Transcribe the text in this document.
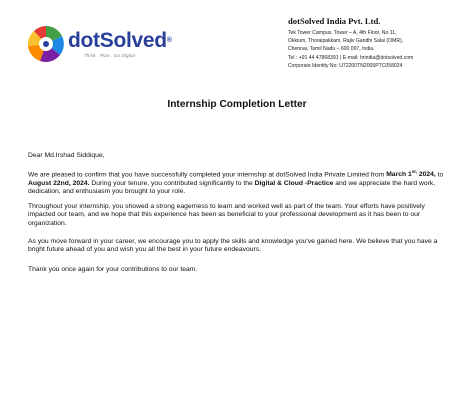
dotSolved®
Think . Plan . Go Digital
dotSolved India Pvt. Ltd.
Tek Tower Campus, Tower – A, 4th Floor, No.11,
Okkium, Thoraipakkam, Rajiv Gandhi Salai (OMR),
Chennai, Tamil Nadu – 600 097, India.
Tel : +91 44 47868391 | E-mail: hrindia@dotsolved.com
Corporate Identity No: U72200TN2005PTC058024
Internship Completion Letter
Dear Md.Irshad Siddique,
We are pleased to confirm that you have successfully completed your internship at dotSolved India Private Limited from March $1^{st,}$ 2024, to August 22nd, 2024. During your tenure, you contributed significantly to the Digital & Cloud -Practice and we appreciate the hard work, dedication, and enthusiasm you brought to your role.
Throughout your internship, you showed a strong eagerness to learn and worked well as part of the team. Your efforts have positively impacted our team, and we hope that this experience has been as beneficial to your professional development as it has been to our organization.
As you move forward in your career, we encourage you to apply the skills and knowledge you've gained here. We believe that you have a bright future ahead of you and wish you all the best in your future endeavours.
Thank you once again for your contributions to our team.
